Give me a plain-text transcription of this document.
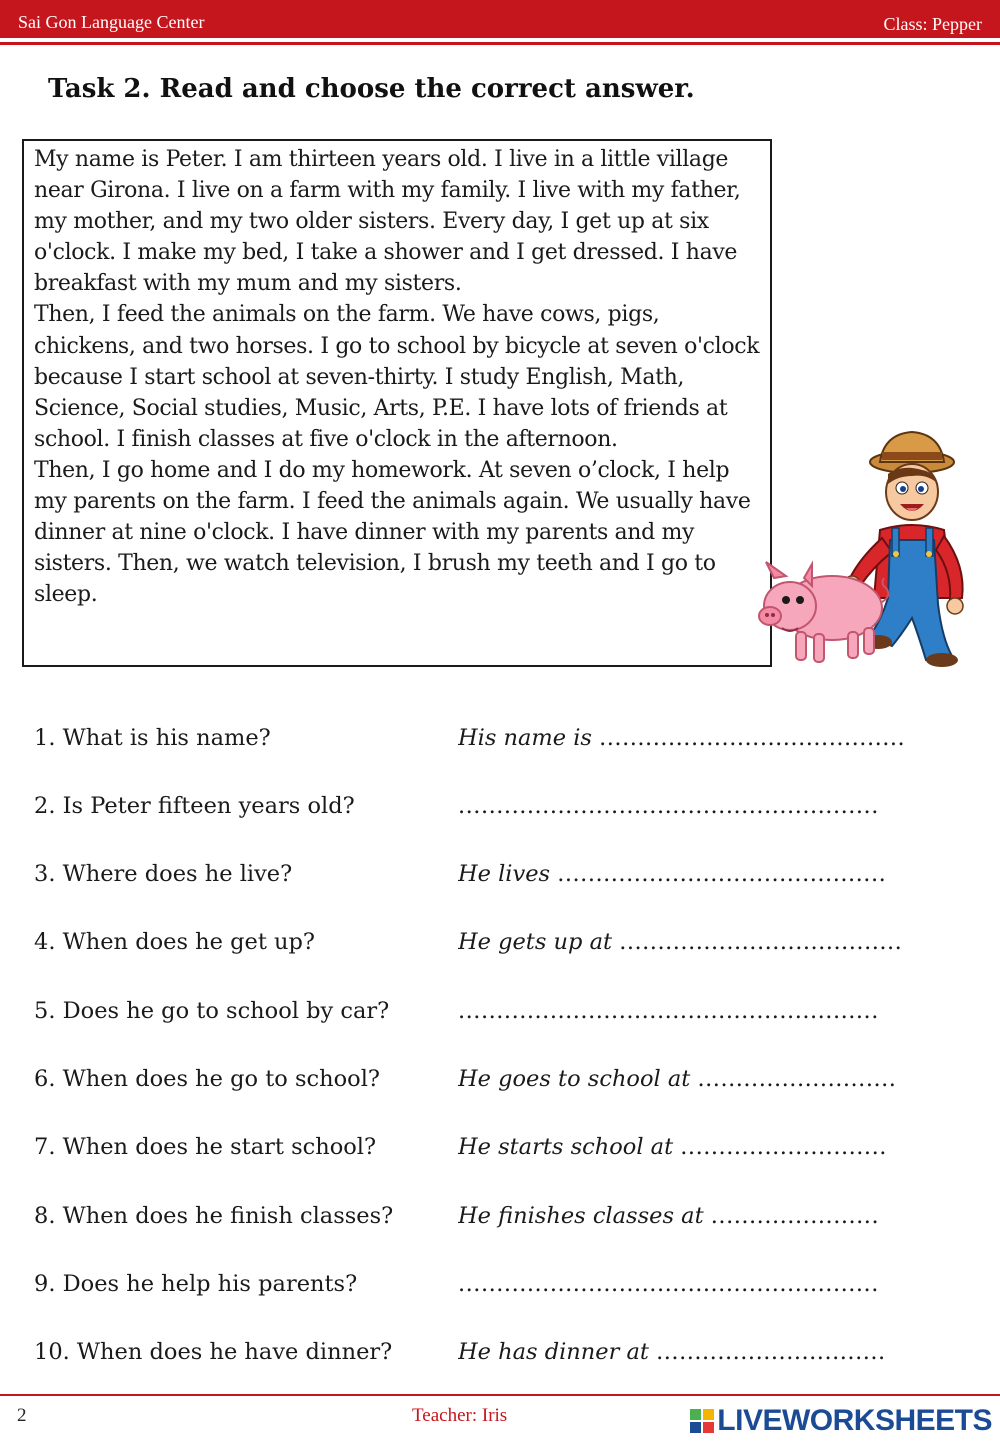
Sai Gon Language Center	Class: Pepper
Task 2. Read and choose the correct answer.

My name is Peter. I am thirteen years old. I live in a little village near Girona. I live on a farm with my family. I live with my father, my mother, and my two older sisters. Every day, I get up at six o'clock. I make my bed, I take a shower and I get dressed. I have breakfast with my mum and my sisters.

Then, I feed the animals on the farm. We have cows, pigs, chickens, and two horses. I go to school by bicycle at seven o'clock because I start school at seven-thirty. I study English, Math, Science, Social studies, Music, Arts, P.E. I have lots of friends at school. I finish classes at five o'clock in the afternoon.

Then, I go home and I do my homework. At seven o’clock, I help my parents on the farm. I feed the animals again. We usually have dinner at nine o'clock. I have dinner with my parents and my sisters. Then, we watch television, I brush my teeth and I go to sleep.

1. What is his name?	His name is ........................................
2. Is Peter fifteen years old?	.......................................................
3. Where does he live?	He lives ...........................................
4. When does he get up?	He gets up at .....................................
5. Does he go to school by car?	.......................................................
6. When does he go to school?	He goes to school at ..........................
7. When does he start school?	He starts school at ...........................
8. When does he finish classes?	He finishes classes at ......................
9. Does he help his parents?	.......................................................
10. When does he have dinner?	He has dinner at ..............................
2	Teacher: Iris	LIVEWORKSHEETS
